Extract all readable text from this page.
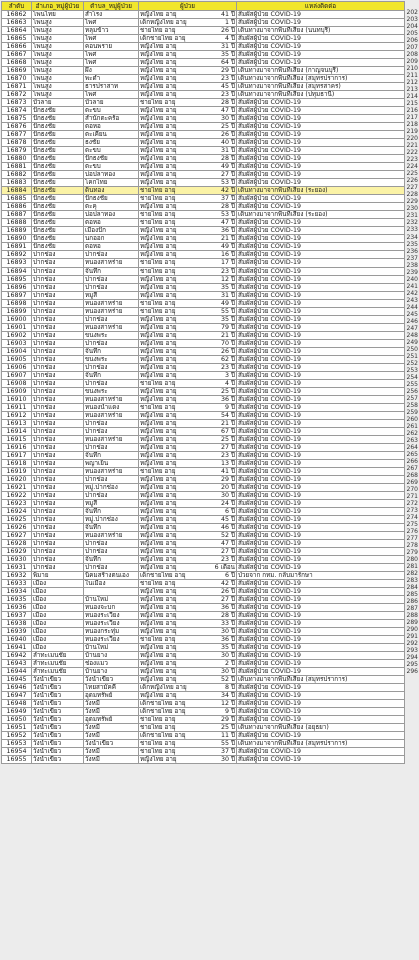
ลำดับ	อำเภอ_หมู่ผู้ป่วย	ตำบล_หมู่ผู้ป่วย	ผู้ป่วย	แหล่งติดต่อ
16862	โพนไทย	สำโรง	หญิงไทย อายุ 41 ปี	สัมผัสผู้ป่วย COVID-19
16863	โพนสูง	ไพศ	เด็กหญิงไทย อายุ 1 ปี	สัมผัสผู้ป่วย COVID-19
16864	โพนสูง	หลุมข้าว	ชายไทย อายุ 26 ปี	เดินทางมาจากพื้นที่เสี่ยง (นนทบุรี)
16865	โพนสูง	ไพศ	เด็กชายไทย อายุ 4 ปี	สัมผัสผู้ป่วย COVID-19
16866	โพนสูง	คอนพราย	หญิงไทย อายุ 31 ปี	สัมผัสผู้ป่วย COVID-19
16867	โพนสูง	ไพศ	หญิงไทย อายุ 35 ปี	สัมผัสผู้ป่วย COVID-19
16868	โพนสูง	ไพศ	หญิงไทย อายุ 64 ปี	สัมผัสผู้ป่วย COVID-19
16869	โพนสูง	ผึ้ง	หญิงไทย อายุ 29 ปี	เดินทางมาจากพื้นที่เสี่ยง (กาญจนบุรี)
16870	โพนสูง	พะดำ	หญิงไทย อายุ 23 ปี	เดินทางมาจากพื้นที่เสี่ยง (สมุทรปราการ)
16871	โพนสูง	ธารปราสาท	หญิงไทย อายุ 45 ปี	เดินทางมาจากพื้นที่เสี่ยง (สมุทรสาคร)
16872	โพนสูง	ไพศ	หญิงไทย อายุ 23 ปี	เดินทางมาจากพื้นที่เสี่ยง (ปทุมธานี)
16873	บัวลาย	บัวลาย	ชายไทย อายุ 28 ปี	สัมผัสผู้ป่วย COVID-19
16874	ปักธงชัย	ตะขบ	หญิงไทย อายุ 47 ปี	สัมผัสผู้ป่วย COVID-19
16875	ปักธงชัย	สำนักตะคร้อ	หญิงไทย อายุ 30 ปี	สัมผัสผู้ป่วย COVID-19
16876	ปักธงชัย	ตอหอ	หญิงไทย อายุ 25 ปี	สัมผัสผู้ป่วย COVID-19
16877	ปักธงชัย	ตะเคียน	หญิงไทย อายุ 26 ปี	สัมผัสผู้ป่วย COVID-19
16878	ปักธงชัย	ธงชัย	หญิงไทย อายุ 40 ปี	สัมผัสผู้ป่วย COVID-19
16879	ปักธงชัย	ตะขบ	หญิงไทย อายุ 31 ปี	สัมผัสผู้ป่วย COVID-19
16880	ปักธงชัย	ปักธงชัย	หญิงไทย อายุ 28 ปี	สัมผัสผู้ป่วย COVID-19
16881	ปักธงชัย	ตะขบ	หญิงไทย อายุ 49 ปี	สัมผัสผู้ป่วย COVID-19
16882	ปักธงชัย	บ่อปลาทอง	หญิงไทย อายุ 27 ปี	สัมผัสผู้ป่วย COVID-19
16883	ปักธงชัย	โคกไทย	หญิงไทย อายุ 53 ปี	สัมผัสผู้ป่วย COVID-19
16884	ปักธงชัย	ดินทอง	ชายไทย อายุ 42 ปี	เดินทางมาจากพื้นที่เสี่ยง (ระยอง)
16885	ปักธงชัย	ปักธงชัย	ชายไทย อายุ 37 ปี	สัมผัสผู้ป่วย COVID-19
16886	ปักธงชัย	ตะคุ	หญิงไทย อายุ 28 ปี	สัมผัสผู้ป่วย COVID-19
16887	ปักธงชัย	บ่อปลาทอง	ชายไทย อายุ 53 ปี	เดินทางมาจากพื้นที่เสี่ยง (ระยอง)
16888	ปักธงชัย	ตอหอ	ชายไทย อายุ 47 ปี	สัมผัสผู้ป่วย COVID-19
16889	ปักธงชัย	เมืองปัก	หญิงไทย อายุ 36 ปี	สัมผัสผู้ป่วย COVID-19
16890	ปักธงชัย	นกออก	หญิงไทย อายุ 21 ปี	สัมผัสผู้ป่วย COVID-19
16891	ปักธงชัย	ตอหอ	หญิงไทย อายุ 49 ปี	สัมผัสผู้ป่วย COVID-19
16892	ปากช่อง	ปากช่อง	หญิงไทย อายุ 16 ปี	สัมผัสผู้ป่วย COVID-19
16893	ปากช่อง	หนองสาหร่าย	ชายไทย อายุ 17 ปี	สัมผัสผู้ป่วย COVID-19
16894	ปากช่อง	จันทึก	ชายไทย อายุ 23 ปี	สัมผัสผู้ป่วย COVID-19
16895	ปากช่อง	ปากช่อง	หญิงไทย อายุ 12 ปี	สัมผัสผู้ป่วย COVID-19
16896	ปากช่อง	ปากช่อง	หญิงไทย อายุ 35 ปี	สัมผัสผู้ป่วย COVID-19
16897	ปากช่อง	หมูสี	หญิงไทย อายุ 31 ปี	สัมผัสผู้ป่วย COVID-19
16898	ปากช่อง	หนองสาหร่าย	ชายไทย อายุ 49 ปี	สัมผัสผู้ป่วย COVID-19
16899	ปากช่อง	หนองสาหร่าย	ชายไทย อายุ 55 ปี	สัมผัสผู้ป่วย COVID-19
16900	ปากช่อง	ปากช่อง	หญิงไทย อายุ 35 ปี	สัมผัสผู้ป่วย COVID-19
16901	ปากช่อง	หนองสาหร่าย	หญิงไทย อายุ 79 ปี	สัมผัสผู้ป่วย COVID-19
16902	ปากช่อง	ขนงพระ	หญิงไทย อายุ 21 ปี	สัมผัสผู้ป่วย COVID-19
16903	ปากช่อง	ปากช่อง	หญิงไทย อายุ 70 ปี	สัมผัสผู้ป่วย COVID-19
16904	ปากช่อง	จันทึก	หญิงไทย อายุ 26 ปี	สัมผัสผู้ป่วย COVID-19
16905	ปากช่อง	ขนงพระ	หญิงไทย อายุ 62 ปี	สัมผัสผู้ป่วย COVID-19
16906	ปากช่อง	ปากช่อง	หญิงไทย อายุ 23 ปี	สัมผัสผู้ป่วย COVID-19
16907	ปากช่อง	จันทึก	หญิงไทย อายุ 3 ปี	สัมผัสผู้ป่วย COVID-19
16908	ปากช่อง	ปากช่อง	ชายไทย อายุ 4 ปี	สัมผัสผู้ป่วย COVID-19
16909	ปากช่อง	ขนงพระ	หญิงไทย อายุ 25 ปี	สัมผัสผู้ป่วย COVID-19
16910	ปากช่อง	หนองสาหร่าย	หญิงไทย อายุ 36 ปี	สัมผัสผู้ป่วย COVID-19
16911	ปากช่อง	หนองน้ำแดง	ชายไทย อายุ 9 ปี	สัมผัสผู้ป่วย COVID-19
16912	ปากช่อง	หนองสาหร่าย	หญิงไทย อายุ 54 ปี	สัมผัสผู้ป่วย COVID-19
16913	ปากช่อง	ปากช่อง	หญิงไทย อายุ 21 ปี	สัมผัสผู้ป่วย COVID-19
16914	ปากช่อง	ปากช่อง	หญิงไทย อายุ 67 ปี	สัมผัสผู้ป่วย COVID-19
16915	ปากช่อง	หนองสาหร่าย	หญิงไทย อายุ 25 ปี	สัมผัสผู้ป่วย COVID-19
16916	ปากช่อง	ปากช่อง	หญิงไทย อายุ 27 ปี	สัมผัสผู้ป่วย COVID-19
16917	ปากช่อง	จันทึก	หญิงไทย อายุ 23 ปี	สัมผัสผู้ป่วย COVID-19
16918	ปากช่อง	พญาเย็น	หญิงไทย อายุ 13 ปี	สัมผัสผู้ป่วย COVID-19
16919	ปากช่อง	หนองสาหร่าย	ชายไทย อายุ 41 ปี	สัมผัสผู้ป่วย COVID-19
16920	ปากช่อง	ปากช่อง	หญิงไทย อายุ 29 ปี	สัมผัสผู้ป่วย COVID-19
16921	ปากช่อง	หมู่.ปากช่อง	หญิงไทย อายุ 20 ปี	สัมผัสผู้ป่วย COVID-19
16922	ปากช่อง	ปากช่อง	หญิงไทย อายุ 30 ปี	สัมผัสผู้ป่วย COVID-19
16923	ปากช่อง	หมูสี	หญิงไทย อายุ 24 ปี	สัมผัสผู้ป่วย COVID-19
16924	ปากช่อง	จันทึก	หญิงไทย อายุ 6 ปี	สัมผัสผู้ป่วย COVID-19
16925	ปากช่อง	หมู่.ปากช่อง	หญิงไทย อายุ 45 ปี	สัมผัสผู้ป่วย COVID-19
16926	ปากช่อง	จันทึก	หญิงไทย อายุ 46 ปี	สัมผัสผู้ป่วย COVID-19
16927	ปากช่อง	หนองสาหร่าย	หญิงไทย อายุ 52 ปี	สัมผัสผู้ป่วย COVID-19
16928	ปากช่อง	ปากช่อง	หญิงไทย อายุ 47 ปี	สัมผัสผู้ป่วย COVID-19
16929	ปากช่อง	ปากช่อง	หญิงไทย อายุ 27 ปี	สัมผัสผู้ป่วย COVID-19
16930	ปากช่อง	จันทึก	หญิงไทย อายุ 23 ปี	สัมผัสผู้ป่วย COVID-19
16931	ปากช่อง	ปากช่อง	หญิงไทย อายุ 6 เดือน	สัมผัสผู้ป่วย COVID-19
16932	พิมาย	นิคมสร้างตนเอง	เด็กชายไทย อายุ 6 ปี	ป่วยจาก กทม. กลับมารักษา
16933	เมือง	ในเมือง	ชายไทย อายุ 42 ปี	สัมผัสผู้ป่วย COVID-19
16934	เมือง		หญิงไทย อายุ 26 ปี	สัมผัสผู้ป่วย COVID-19
16935	เมือง	บ้านใหม่	หญิงไทย อายุ 27 ปี	สัมผัสผู้ป่วย COVID-19
16936	เมือง	หนองจะบก	หญิงไทย อายุ 36 ปี	สัมผัสผู้ป่วย COVID-19
16937	เมือง	หนองระเวียง	หญิงไทย อายุ 28 ปี	สัมผัสผู้ป่วย COVID-19
16938	เมือง	หนองระเวียง	หญิงไทย อายุ 33 ปี	สัมผัสผู้ป่วย COVID-19
16939	เมือง	หนองกระทุ่ม	หญิงไทย อายุ 30 ปี	สัมผัสผู้ป่วย COVID-19
16940	เมือง	หนองระเวียง	ชายไทย อายุ 36 ปี	สัมผัสผู้ป่วย COVID-19
16941	เมือง	บ้านใหม่	หญิงไทย อายุ 35 ปี	สัมผัสผู้ป่วย COVID-19
16942	ลำทะเมนชัย	บ้านยาง	หญิงไทย อายุ 30 ปี	สัมผัสผู้ป่วย COVID-19
16943	ลำทะเมนชัย	ช่องแมว	หญิงไทย อายุ 2 ปี	สัมผัสผู้ป่วย COVID-19
16944	ลำทะเมนชัย	บ้านยาง	หญิงไทย อายุ 30 ปี	สัมผัสผู้ป่วย COVID-19
16945	วังน้ำเขียว	วังน้ำเขียว	หญิงไทย อายุ 52 ปี	เดินทางมาจากพื้นที่เสี่ยง (สมุทรปราการ)
16946	วังน้ำเขียว	ไทยสามัคคี	เด็กหญิงไทย อายุ 8 ปี	สัมผัสผู้ป่วย COVID-19
16947	วังน้ำเขียว	อุดมทรัพย์	หญิงไทย อายุ 34 ปี	สัมผัสผู้ป่วย COVID-19
16948	วังน้ำเขียว	วังหมี	เด็กชายไทย อายุ 12 ปี	สัมผัสผู้ป่วย COVID-19
16949	วังน้ำเขียว	วังหมี	เด็กชายไทย อายุ 9 ปี	สัมผัสผู้ป่วย COVID-19
16950	วังน้ำเขียว	อุดมทรัพย์	ชายไทย อายุ 29 ปี	สัมผัสผู้ป่วย COVID-19
16951	วังน้ำเขียว	วังหมี	ชายไทย อายุ 25 ปี	เดินทางมาจากพื้นที่เสี่ยง (อยุธยา)
16952	วังน้ำเขียว	วังหมี	เด็กชายไทย อายุ 11 ปี	สัมผัสผู้ป่วย COVID-19
16953	วังน้ำเขียว	วังน้ำเขียว	ชายไทย อายุ 55 ปี	เดินทางมาจากพื้นที่เสี่ยง (สมุทรปราการ)
16954	วังน้ำเขียว	วังหมี	ชายไทย อายุ 37 ปี	สัมผัสผู้ป่วย COVID-19
16955	วังน้ำเขียว	วังหมี	หญิงไทย อายุ 30 ปี	สัมผัสผู้ป่วย COVID-19
202
203
204
205
206
207
208
209
210
211
212
213
214
215
216
217
218
219
220
221
222
223
224
225
226
227
228
229
230
231
232
233
234
235
236
237
238
239
240
241
242
243
244
245
246
247
248
249
250
251
252
253
254
255
256
257
258
259
260
261
262
263
264
265
266
267
268
269
270
271
272
273
274
275
276
277
278
279
280
281
282
283
284
285
286
287
288
289
290
291
292
293
294
295
296
